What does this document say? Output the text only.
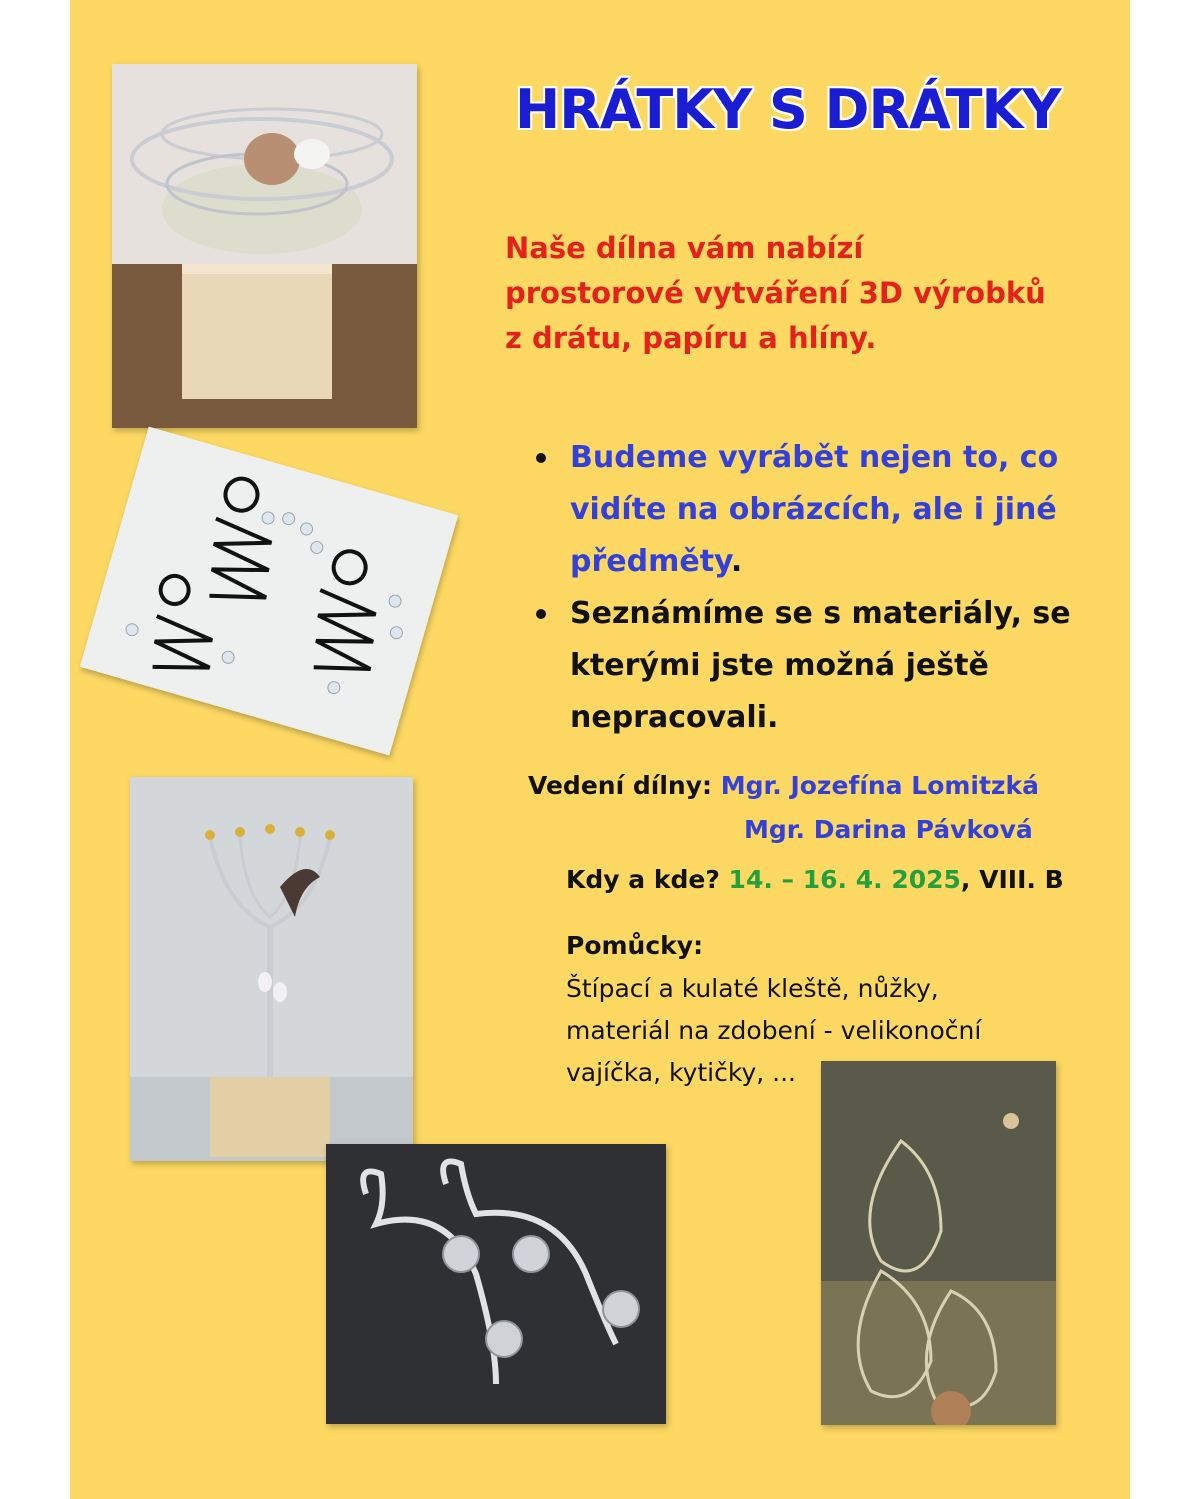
HRÁTKY S DRÁTKY
Naše dílna vám nabízí
prostorové vytváření 3D výrobků
z drátu, papíru a hlíny.
Budeme vyrábět nejen to, co
vidíte na obrázcích, ale i jiné
předměty.
Seznámíme se s materiály, se
kterými jste možná ještě
nepracovali.
Vedení dílny: Mgr. Jozefína Lomitzká
Mgr. Darina Pávková
Kdy a kde? 14. – 16. 4. 2025, VIII. B
Pomůcky:
Štípací a kulaté kleště, nůžky,
materiál na zdobení - velikonoční
vajíčka, kytičky, ...
